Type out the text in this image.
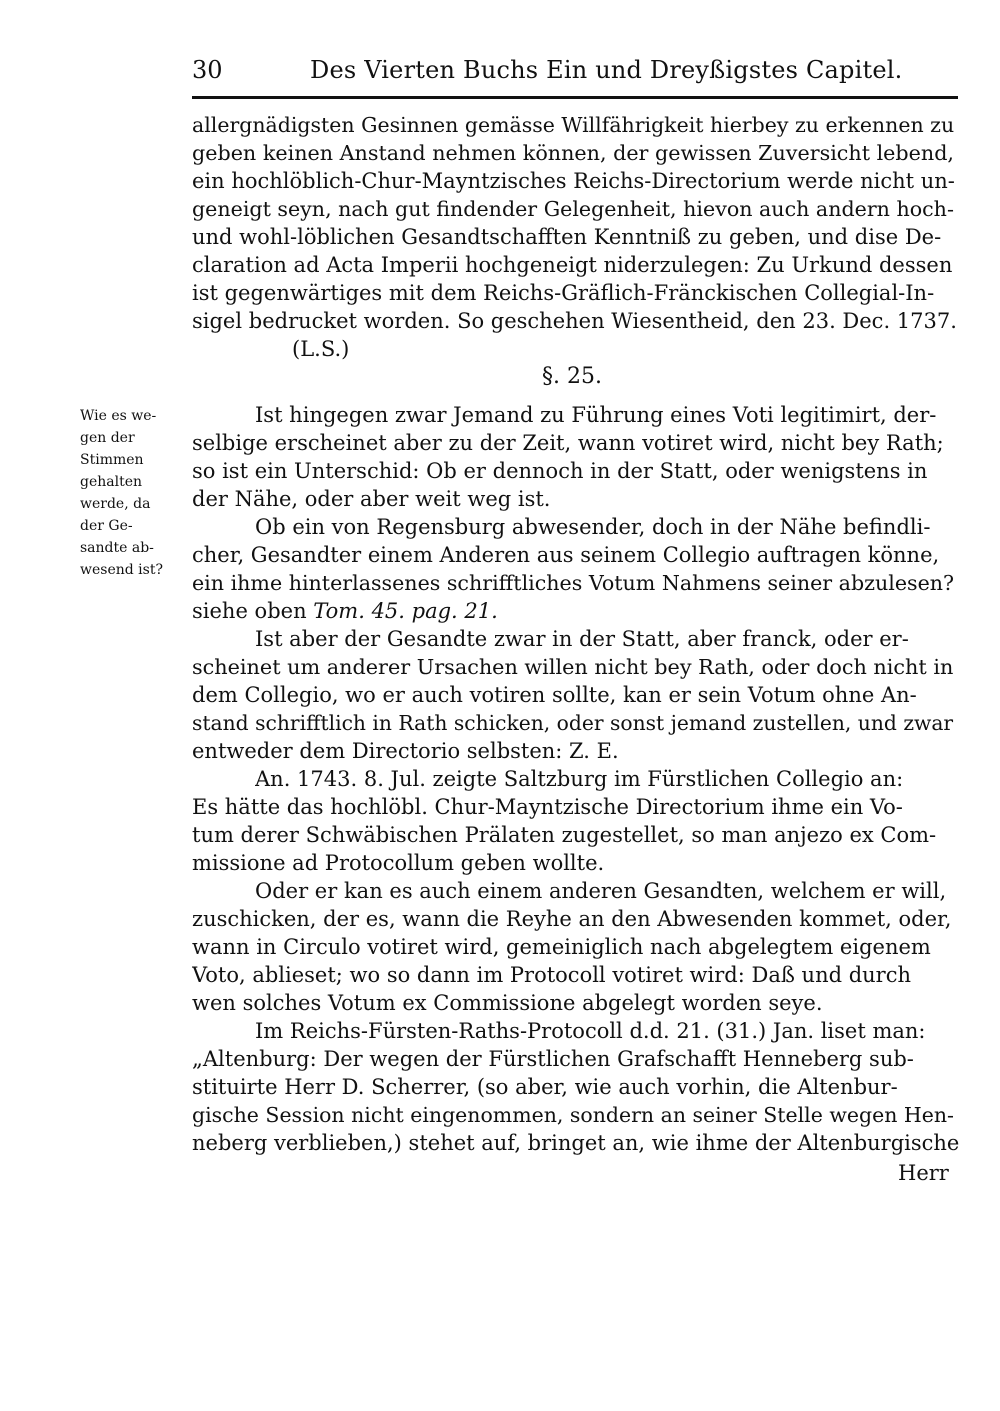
30	Des Vierten Buchs Ein und Dreyßigstes Capitel.
allergnädigsten Gesinnen gemässe Willfährigkeit hierbey zu erkennen zu
geben keinen Anstand nehmen können, der gewissen Zuversicht lebend,
ein hochlöblich-Chur-Mayntzisches Reichs-Directorium werde nicht un-
geneigt seyn, nach gut findender Gelegenheit, hievon auch andern hoch-
und wohl-löblichen Gesandtschafften Kenntniß zu geben, und dise De-
claration ad Acta Imperii hochgeneigt niderzulegen: Zu Urkund dessen
ist gegenwärtiges mit dem Reichs-Gräflich-Fränckischen Collegial-In-
sigel bedrucket worden. So geschehen Wiesentheid, den 23. Dec. 1737.
(L.S.)
§. 25.
Wie es we-
gen der
Stimmen
gehalten
werde, da
der Ge-
sandte ab-
wesend ist?
Ist hingegen zwar Jemand zu Führung eines Voti legitimirt, der-
selbige erscheinet aber zu der Zeit, wann votiret wird, nicht bey Rath;
so ist ein Unterschid: Ob er dennoch in der Statt, oder wenigstens in
der Nähe, oder aber weit weg ist.
Ob ein von Regensburg abwesender, doch in der Nähe befindli-
cher, Gesandter einem Anderen aus seinem Collegio auftragen könne,
ein ihme hinterlassenes schrifftliches Votum Nahmens seiner abzulesen?
siehe oben Tom. 45. pag. 21.
Ist aber der Gesandte zwar in der Statt, aber franck, oder er-
scheinet um anderer Ursachen willen nicht bey Rath, oder doch nicht in
dem Collegio, wo er auch votiren sollte, kan er sein Votum ohne An-
stand schrifftlich in Rath schicken, oder sonst jemand zustellen, und zwar
entweder dem Directorio selbsten: Z. E.
An. 1743. 8. Jul. zeigte Saltzburg im Fürstlichen Collegio an:
Es hätte das hochlöbl. Chur-Mayntzische Directorium ihme ein Vo-
tum derer Schwäbischen Prälaten zugestellet, so man anjezo ex Com-
missione ad Protocollum geben wollte.
Oder er kan es auch einem anderen Gesandten, welchem er will,
zuschicken, der es, wann die Reyhe an den Abwesenden kommet, oder,
wann in Circulo votiret wird, gemeiniglich nach abgelegtem eigenem
Voto, ablieset; wo so dann im Protocoll votiret wird: Daß und durch
wen solches Votum ex Commissione abgelegt worden seye.
Im Reichs-Fürsten-Raths-Protocoll d.d. 21. (31.) Jan. liset man:
„Altenburg: Der wegen der Fürstlichen Grafschafft Henneberg sub-
stituirte Herr D. Scherrer, (so aber, wie auch vorhin, die Altenbur-
gische Session nicht eingenommen, sondern an seiner Stelle wegen Hen-
neberg verblieben,) stehet auf, bringet an, wie ihme der Altenburgische
Herr
